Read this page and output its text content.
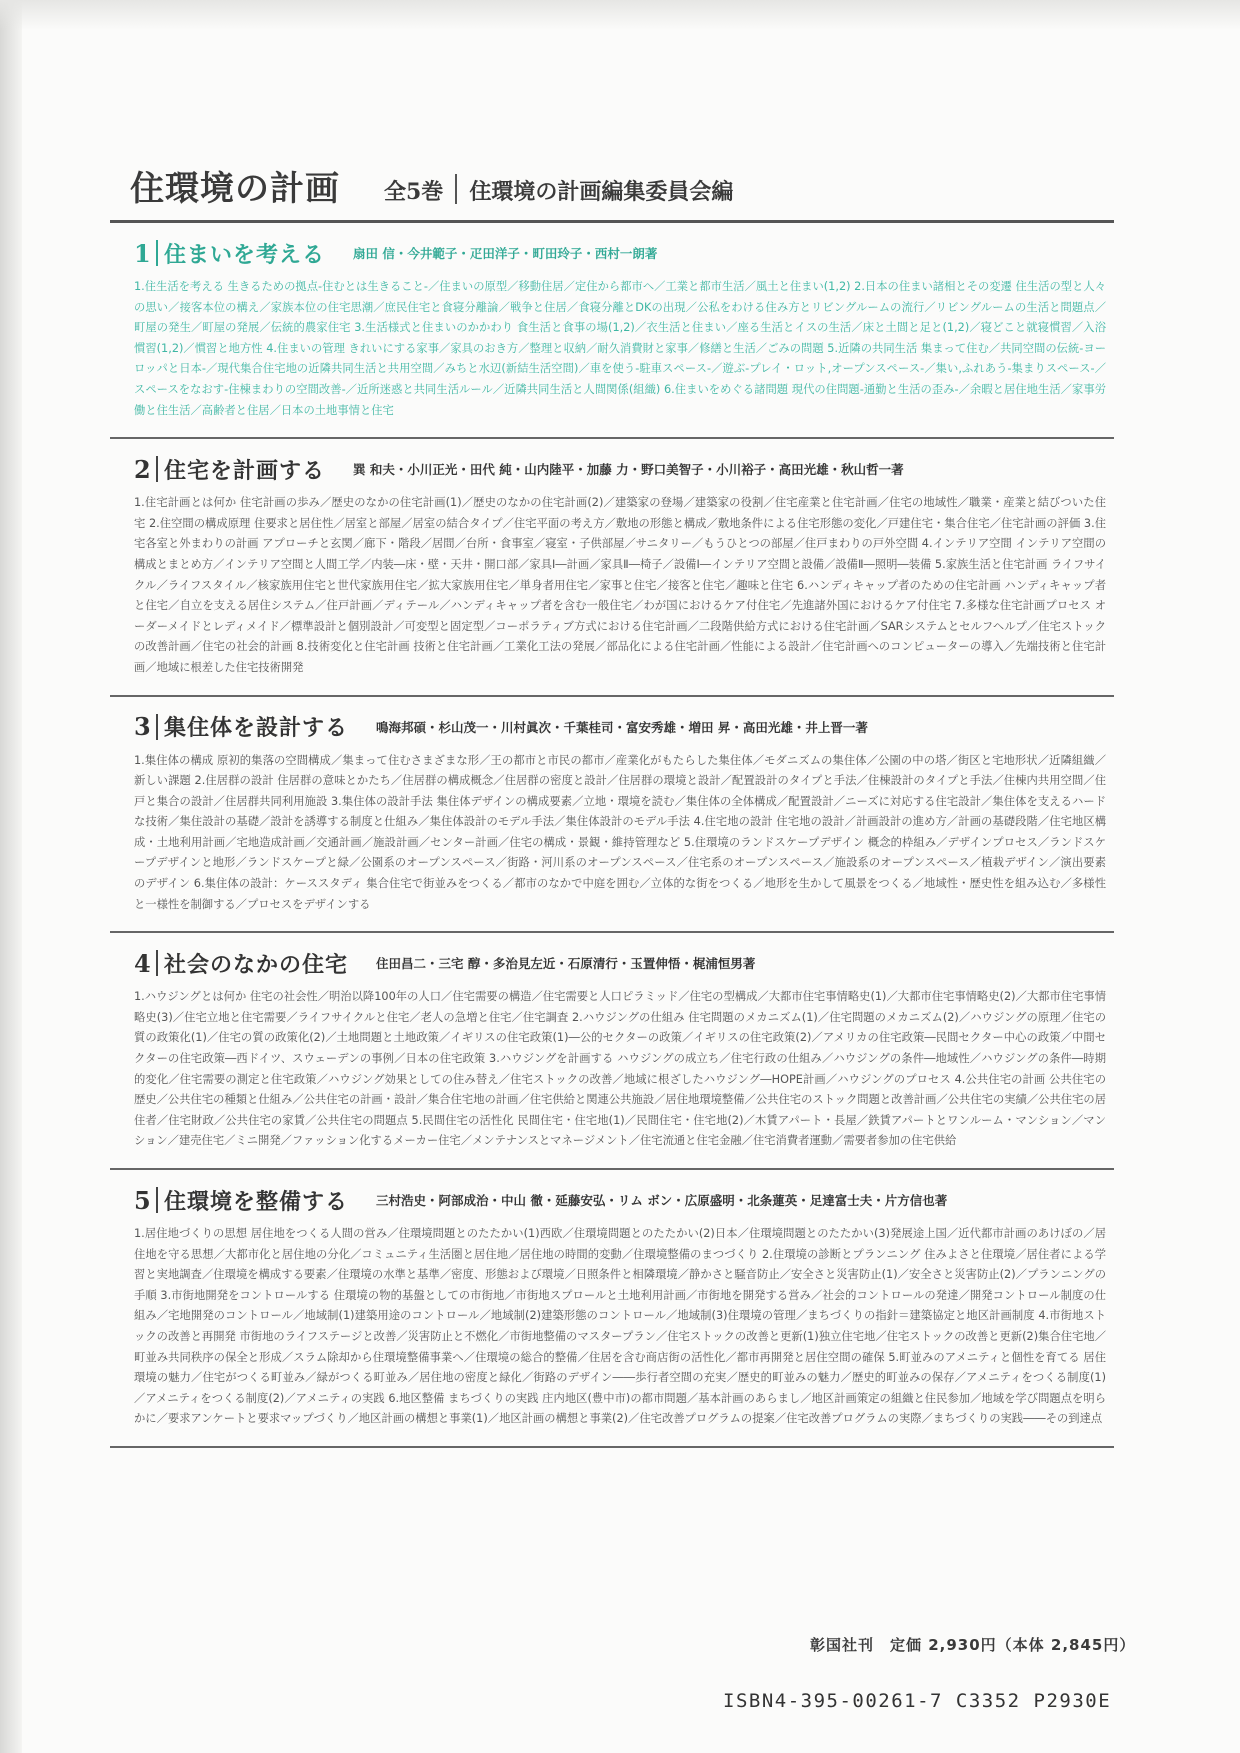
住環境の計画 全5巻 住環境の計画編集委員会編
1 住まいを考える 扇田 信・今井範子・疋田洋子・町田玲子・西村一朗著
1.住生活を考える 生きるための拠点-住むとは生きること-／住まいの原型／移動住居／定住から都市へ／工業と都市生活／風土と住まい(1,2) 2.日本の住まい諸相とその変遷 住生活の型と人々の思い／接客本位の構え／家族本位の住宅思潮／庶民住宅と食寝分離論／戦争と住居／食寝分離とDKの出現／公私をわける住み方とリビングルームの流行／リビングルームの生活と問題点／町屋の発生／町屋の発展／伝統的農家住宅 3.生活様式と住まいのかかわり 食生活と食事の場(1,2)／衣生活と住まい／座る生活とイスの生活／床と土間と足と(1,2)／寝どこと就寝慣習／入浴慣習(1,2)／慣習と地方性 4.住まいの管理 きれいにする家事／家具のおき方／整理と収納／耐久消費財と家事／修繕と生活／ごみの問題 5.近隣の共同生活 集まって住む／共同空間の伝統-ヨーロッパと日本-／現代集合住宅地の近隣共同生活と共用空間／みちと水辺(新結生活空間)／車を使う-駐車スペース-／遊ぶ-プレイ・ロット,オープンスペース-／集い,ふれあう-集まりスペース-／スペースをなおす-住棟まわりの空間改善-／近所迷惑と共同生活ルール／近隣共同生活と人間関係(組織) 6.住まいをめぐる諸問題 現代の住問題-通勤と生活の歪み-／余暇と居住地生活／家事労働と住生活／高齢者と住居／日本の土地事情と住宅
2 住宅を計画する 巽 和夫・小川正光・田代 純・山内陸平・加藤 力・野口美智子・小川裕子・高田光雄・秋山哲一著
1.住宅計画とは何か 住宅計画の歩み／歴史のなかの住宅計画(1)／歴史のなかの住宅計画(2)／建築家の登場／建築家の役割／住宅産業と住宅計画／住宅の地域性／職業・産業と結びついた住宅 2.住空間の構成原理 住要求と居住性／居室と部屋／居室の結合タイプ／住宅平面の考え方／敷地の形態と構成／敷地条件による住宅形態の変化／戸建住宅・集合住宅／住宅計画の評価 3.住宅各室と外まわりの計画 アプローチと玄関／廊下・階段／居間／台所・食事室／寝室・子供部屋／サニタリー／もうひとつの部屋／住戸まわりの戸外空間 4.インテリア空間 インテリア空間の構成とまとめ方／インテリア空間と人間工学／内装―床・壁・天井・開口部／家具Ⅰ―計画／家具Ⅱ―椅子／設備Ⅰ―インテリア空間と設備／設備Ⅱ―照明―装備 5.家族生活と住宅計画 ライフサイクル／ライフスタイル／核家族用住宅と世代家族用住宅／拡大家族用住宅／単身者用住宅／家事と住宅／接客と住宅／趣味と住宅 6.ハンディキャップ者のための住宅計画 ハンディキャップ者と住宅／自立を支える居住システム／住戸計画／ディテール／ハンディキャップ者を含む一般住宅／わが国におけるケア付住宅／先進諸外国におけるケア付住宅 7.多様な住宅計画プロセス オーダーメイドとレディメイド／標準設計と個別設計／可変型と固定型／コーポラティブ方式における住宅計画／二段階供給方式における住宅計画／SARシステムとセルフヘルプ／住宅ストックの改善計画／住宅の社会的計画 8.技術変化と住宅計画 技術と住宅計画／工業化工法の発展／部品化による住宅計画／性能による設計／住宅計画へのコンピューターの導入／先端技術と住宅計画／地域に根差した住宅技術開発
3 集住体を設計する 鳴海邦碩・杉山茂一・川村眞次・千葉桂司・富安秀雄・増田 昇・高田光雄・井上晋一著
1.集住体の構成 原初的集落の空間構成／集まって住むさまざまな形／王の都市と市民の都市／産業化がもたらした集住体／モダニズムの集住体／公園の中の塔／街区と宅地形状／近隣組織／新しい課題 2.住居群の設計 住居群の意味とかたち／住居群の構成概念／住居群の密度と設計／住居群の環境と設計／配置設計のタイプと手法／住棟設計のタイプと手法／住棟内共用空間／住戸と集合の設計／住居群共同利用施設 3.集住体の設計手法 集住体デザインの構成要素／立地・環境を読む／集住体の全体構成／配置設計／ニーズに対応する住宅設計／集住体を支えるハードな技術／集住設計の基礎／設計を誘導する制度と仕組み／集住体設計のモデル手法／集住体設計のモデル手法 4.住宅地の設計 住宅地の設計／計画設計の進め方／計画の基礎段階／住宅地区構成・土地利用計画／宅地造成計画／交通計画／施設計画／センター計画／住宅の構成・景観・維持管理など 5.住環境のランドスケープデザイン 概念的枠組み／デザインプロセス／ランドスケープデザインと地形／ランドスケープと緑／公園系のオープンスペース／街路・河川系のオープンスペース／住宅系のオープンスペース／施設系のオープンスペース／植栽デザイン／演出要素のデザイン 6.集住体の設計：ケーススタディ 集合住宅で街並みをつくる／都市のなかで中庭を囲む／立体的な街をつくる／地形を生かして風景をつくる／地域性・歴史性を組み込む／多様性と一様性を制御する／プロセスをデザインする
4 社会のなかの住宅 住田昌二・三宅 醇・多治見左近・石原清行・玉置伸悟・梶浦恒男著
1.ハウジングとは何か 住宅の社会性／明治以降100年の人口／住宅需要の構造／住宅需要と人口ピラミッド／住宅の型構成／大都市住宅事情略史(1)／大都市住宅事情略史(2)／大都市住宅事情略史(3)／住宅立地と住宅需要／ライフサイクルと住宅／老人の急増と住宅／住宅調査 2.ハウジングの仕組み 住宅問題のメカニズム(1)／住宅問題のメカニズム(2)／ハウジングの原理／住宅の質の政策化(1)／住宅の質の政策化(2)／土地問題と土地政策／イギリスの住宅政策(1)―公的セクターの政策／イギリスの住宅政策(2)／アメリカの住宅政策―民間セクター中心の政策／中間セクターの住宅政策―西ドイツ、スウェーデンの事例／日本の住宅政策 3.ハウジングを計画する ハウジングの成立ち／住宅行政の仕組み／ハウジングの条件―地域性／ハウジングの条件―時期的変化／住宅需要の測定と住宅政策／ハウジング効果としての住み替え／住宅ストックの改善／地域に根ざしたハウジング―HOPE計画／ハウジングのプロセス 4.公共住宅の計画 公共住宅の歴史／公共住宅の種類と仕組み／公共住宅の計画・設計／集合住宅地の計画／住宅供給と関連公共施設／居住地環境整備／公共住宅のストック問題と改善計画／公共住宅の実績／公共住宅の居住者／住宅財政／公共住宅の家賃／公共住宅の問題点 5.民間住宅の活性化 民間住宅・住宅地(1)／民間住宅・住宅地(2)／木賃アパート・長屋／鉄賃アパートとワンルーム・マンション／マンション／建売住宅／ミニ開発／ファッション化するメーカー住宅／メンテナンスとマネージメント／住宅流通と住宅金融／住宅消費者運動／需要者参加の住宅供給
5 住環境を整備する 三村浩史・阿部成治・中山 徹・延藤安弘・リム ボン・広原盛明・北条蓮英・足達富士夫・片方信也著
1.居住地づくりの思想 居住地をつくる人間の営み／住環境問題とのたたかい(1)西欧／住環境問題とのたたかい(2)日本／住環境問題とのたたかい(3)発展途上国／近代都市計画のあけぼの／居住地を守る思想／大都市化と居住地の分化／コミュニティ生活圏と居住地／居住地の時間的変動／住環境整備のまつづくり 2.住環境の診断とプランニング 住みよさと住環境／居住者による学習と実地調査／住環境を構成する要素／住環境の水準と基準／密度、形態および環境／日照条件と相隣環境／静かさと騒音防止／安全さと災害防止(1)／安全さと災害防止(2)／プランニングの手順 3.市街地開発をコントロールする 住環境の物的基盤としての市街地／市街地スプロールと土地利用計画／市街地を開発する営み／社会的コントロールの発達／開発コントロール制度の仕組み／宅地開発のコントロール／地域制(1)建築用途のコントロール／地域制(2)建築形態のコントロール／地域制(3)住環境の管理／まちづくりの指針＝建築協定と地区計画制度 4.市街地ストックの改善と再開発 市街地のライフステージと改善／災害防止と不燃化／市街地整備のマスタープラン／住宅ストックの改善と更新(1)独立住宅地／住宅ストックの改善と更新(2)集合住宅地／町並み共同秩序の保全と形成／スラム除却から住環境整備事業へ／住環境の総合的整備／住居を含む商店街の活性化／都市再開発と居住空間の確保 5.町並みのアメニティと個性を育てる 居住環境の魅力／住宅がつくる町並み／緑がつくる町並み／居住地の密度と緑化／街路のデザイン――歩行者空間の充実／歴史的町並みの魅力／歴史的町並みの保存／アメニティをつくる制度(1)／アメニティをつくる制度(2)／アメニティの実践 6.地区整備 まちづくりの実践 庄内地区(豊中市)の都市問題／基本計画のあらまし／地区計画策定の組織と住民参加／地域を学び問題点を明らかに／要求アンケートと要求マップづくり／地区計画の構想と事業(1)／地区計画の構想と事業(2)／住宅改善プログラムの提案／住宅改善プログラムの実際／まちづくりの実践――その到達点
彰国社刊　定価 2,930円（本体 2,845円）
ISBN4-395-00261-7 C3352 P2930E
